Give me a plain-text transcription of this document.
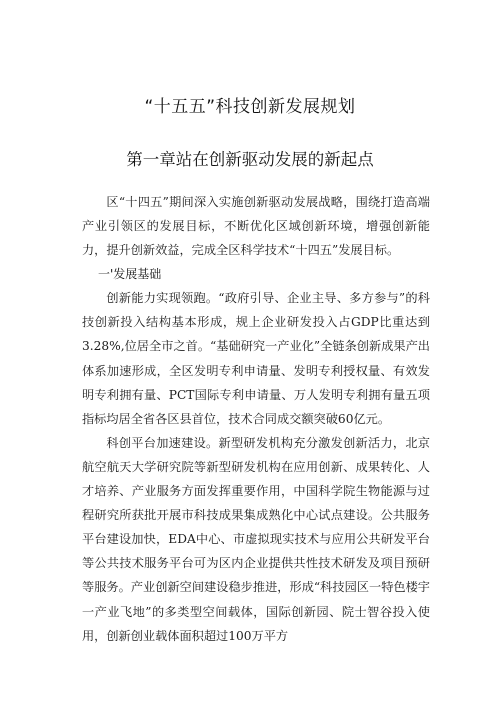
“十五五”科技创新发展规划
第一章站在创新驱动发展的新起点

区“十四五”期间深入实施创新驱动发展战略，围绕打造高端产业引领区的发展目标，不断优化区域创新环境，增强创新能力，提升创新效益，完成全区科学技术“十四五”发展目标。

一'发展基础

创新能力实现领跑。“政府引导、企业主导、多方参与”的科技创新投入结构基本形成，规上企业研发投入占GDP比重达到3.28%,位居全市之首。“基础研究一产业化”全链条创新成果产出体系加速形成，全区发明专利申请量、发明专利授权量、有效发明专利拥有量、PCT国际专利申请量、万人发明专利拥有量五项指标均居全省各区县首位，技术合同成交额突破60亿元。

科创平台加速建设。新型研发机构充分激发创新活力，北京航空航天大学研究院等新型研发机构在应用创新、成果转化、人才培养、产业服务方面发挥重要作用，中国科学院生物能源与过程研究所获批开展市科技成果集成熟化中心试点建设。公共服务平台建设加快，EDA中心、市虚拟现实技术与应用公共研发平台等公共技术服务平台可为区内企业提供共性技术研发及项目预研等服务。产业创新空间建设稳步推进，形成“科技园区一特色楼宇一产业飞地”的多类型空间载体，国际创新园、院士智谷投入使用，创新创业载体面积超过100万平方
